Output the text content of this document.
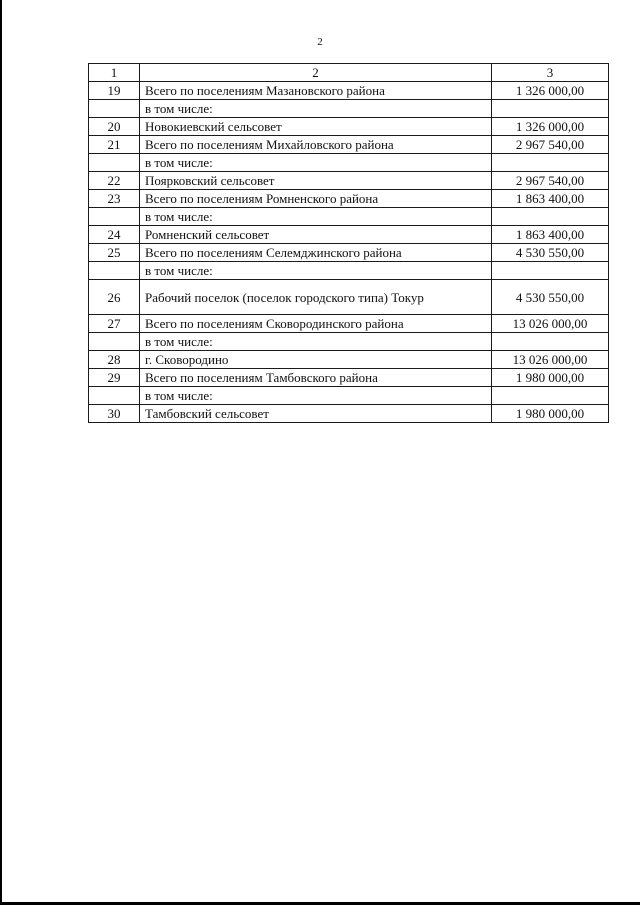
2
1	2	3
19	Всего по поселениям Мазановского района	1 326 000,00
	в том числе:	
20	Новокиевский сельсовет	1 326 000,00
21	Всего по поселениям Михайловского района	2 967 540,00
	в том числе:	
22	Поярковский сельсовет	2 967 540,00
23	Всего по поселениям Ромненского района	1 863 400,00
	в том числе:	
24	Ромненский сельсовет	1 863 400,00
25	Всего по поселениям Селемджинского района	4 530 550,00
	в том числе:	
26	Рабочий поселок (поселок городского типа) Токур	4 530 550,00
27	Всего по поселениям Сковородинского района	13 026 000,00
	в том числе:	
28	г. Сковородино	13 026 000,00
29	Всего по поселениям Тамбовского района	1 980 000,00
	в том числе:	
30	Тамбовский сельсовет	1 980 000,00
